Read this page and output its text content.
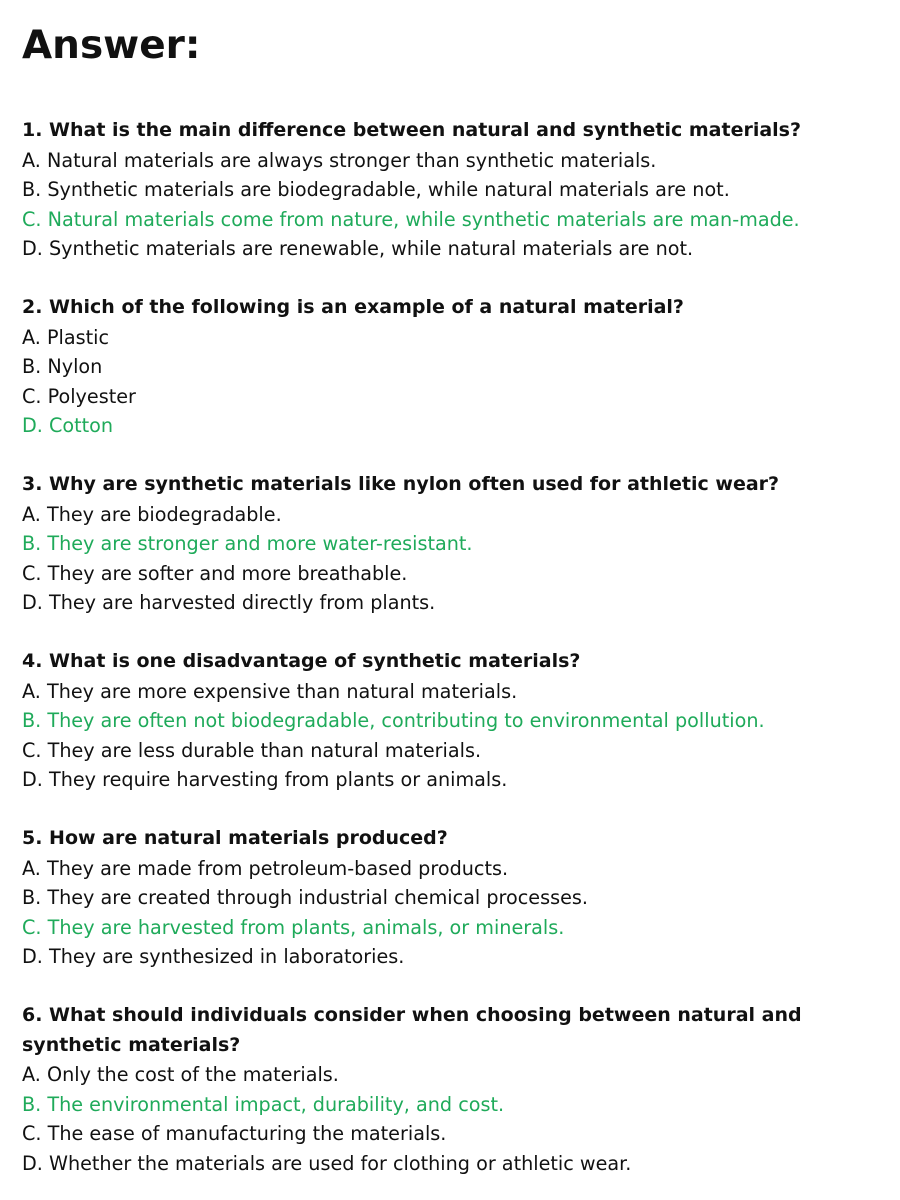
Answer:
1. What is the main difference between natural and synthetic materials?
A. Natural materials are always stronger than synthetic materials.
B. Synthetic materials are biodegradable, while natural materials are not.
C. Natural materials come from nature, while synthetic materials are man-made.
D. Synthetic materials are renewable, while natural materials are not.
2. Which of the following is an example of a natural material?
A. Plastic
B. Nylon
C. Polyester
D. Cotton
3. Why are synthetic materials like nylon often used for athletic wear?
A. They are biodegradable.
B. They are stronger and more water-resistant.
C. They are softer and more breathable.
D. They are harvested directly from plants.
4. What is one disadvantage of synthetic materials?
A. They are more expensive than natural materials.
B. They are often not biodegradable, contributing to environmental pollution.
C. They are less durable than natural materials.
D. They require harvesting from plants or animals.
5. How are natural materials produced?
A. They are made from petroleum-based products.
B. They are created through industrial chemical processes.
C. They are harvested from plants, animals, or minerals.
D. They are synthesized in laboratories.
6. What should individuals consider when choosing between natural and synthetic materials?
A. Only the cost of the materials.
B. The environmental impact, durability, and cost.
C. The ease of manufacturing the materials.
D. Whether the materials are used for clothing or athletic wear.
